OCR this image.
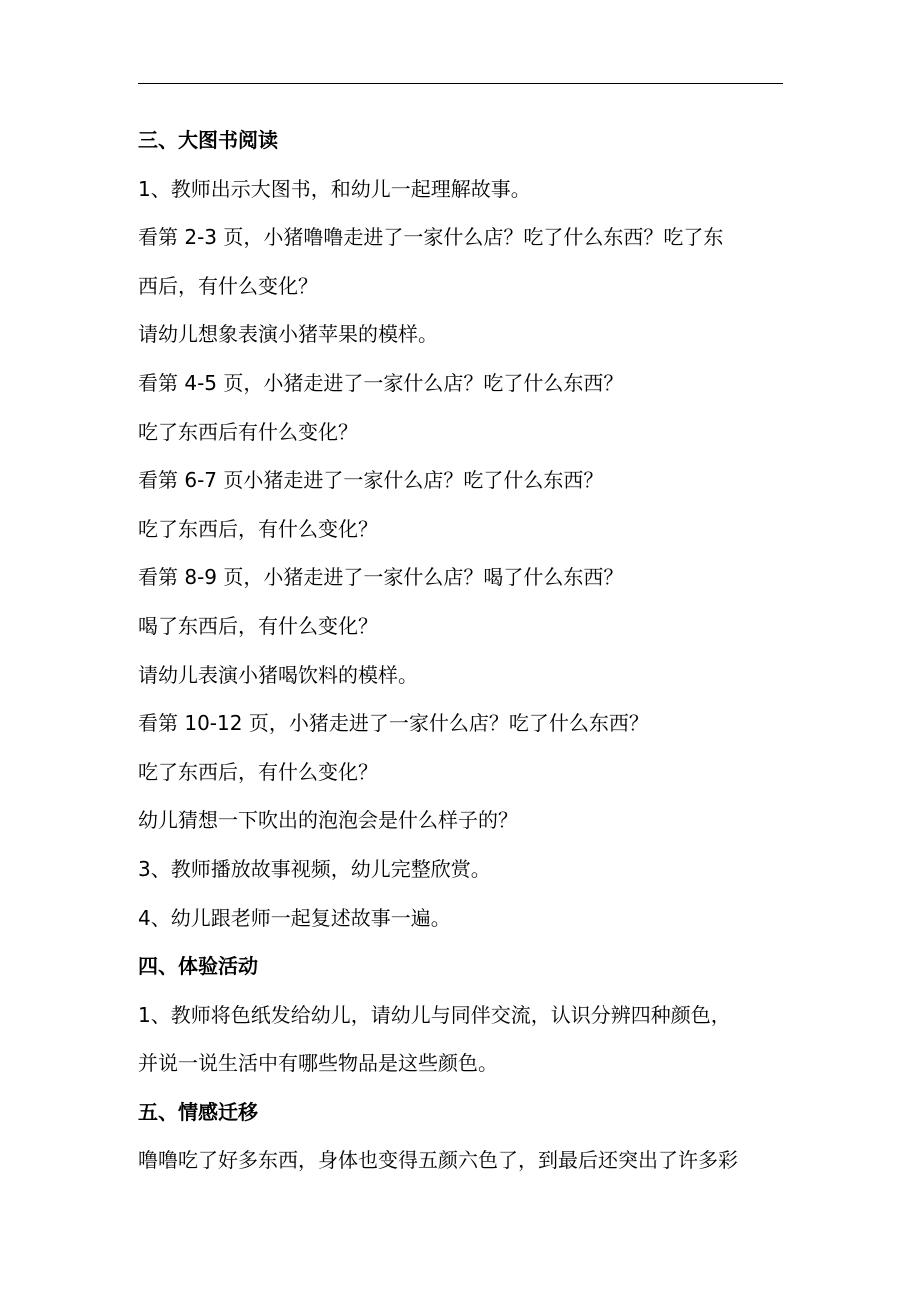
三、大图书阅读
1、教师出示大图书，和幼儿一起理解故事。
看第 2-3 页，小猪噜噜走进了一家什么店？吃了什么东西？吃了东
西后，有什么变化？
请幼儿想象表演小猪苹果的模样。
看第 4-5 页，小猪走进了一家什么店？吃了什么东西？
吃了东西后有什么变化？
看第 6-7 页小猪走进了一家什么店？吃了什么东西？
吃了东西后，有什么变化？
看第 8-9 页，小猪走进了一家什么店？喝了什么东西？
喝了东西后，有什么变化？
请幼儿表演小猪喝饮料的模样。
看第 10-12 页，小猪走进了一家什么店？吃了什么东西？
吃了东西后，有什么变化？
幼儿猜想一下吹出的泡泡会是什么样子的？
3、教师播放故事视频，幼儿完整欣赏。
4、幼儿跟老师一起复述故事一遍。
四、体验活动
1、教师将色纸发给幼儿，请幼儿与同伴交流，认识分辨四种颜色，
并说一说生活中有哪些物品是这些颜色。
五、情感迁移
噜噜吃了好多东西，身体也变得五颜六色了，到最后还突出了许多彩
